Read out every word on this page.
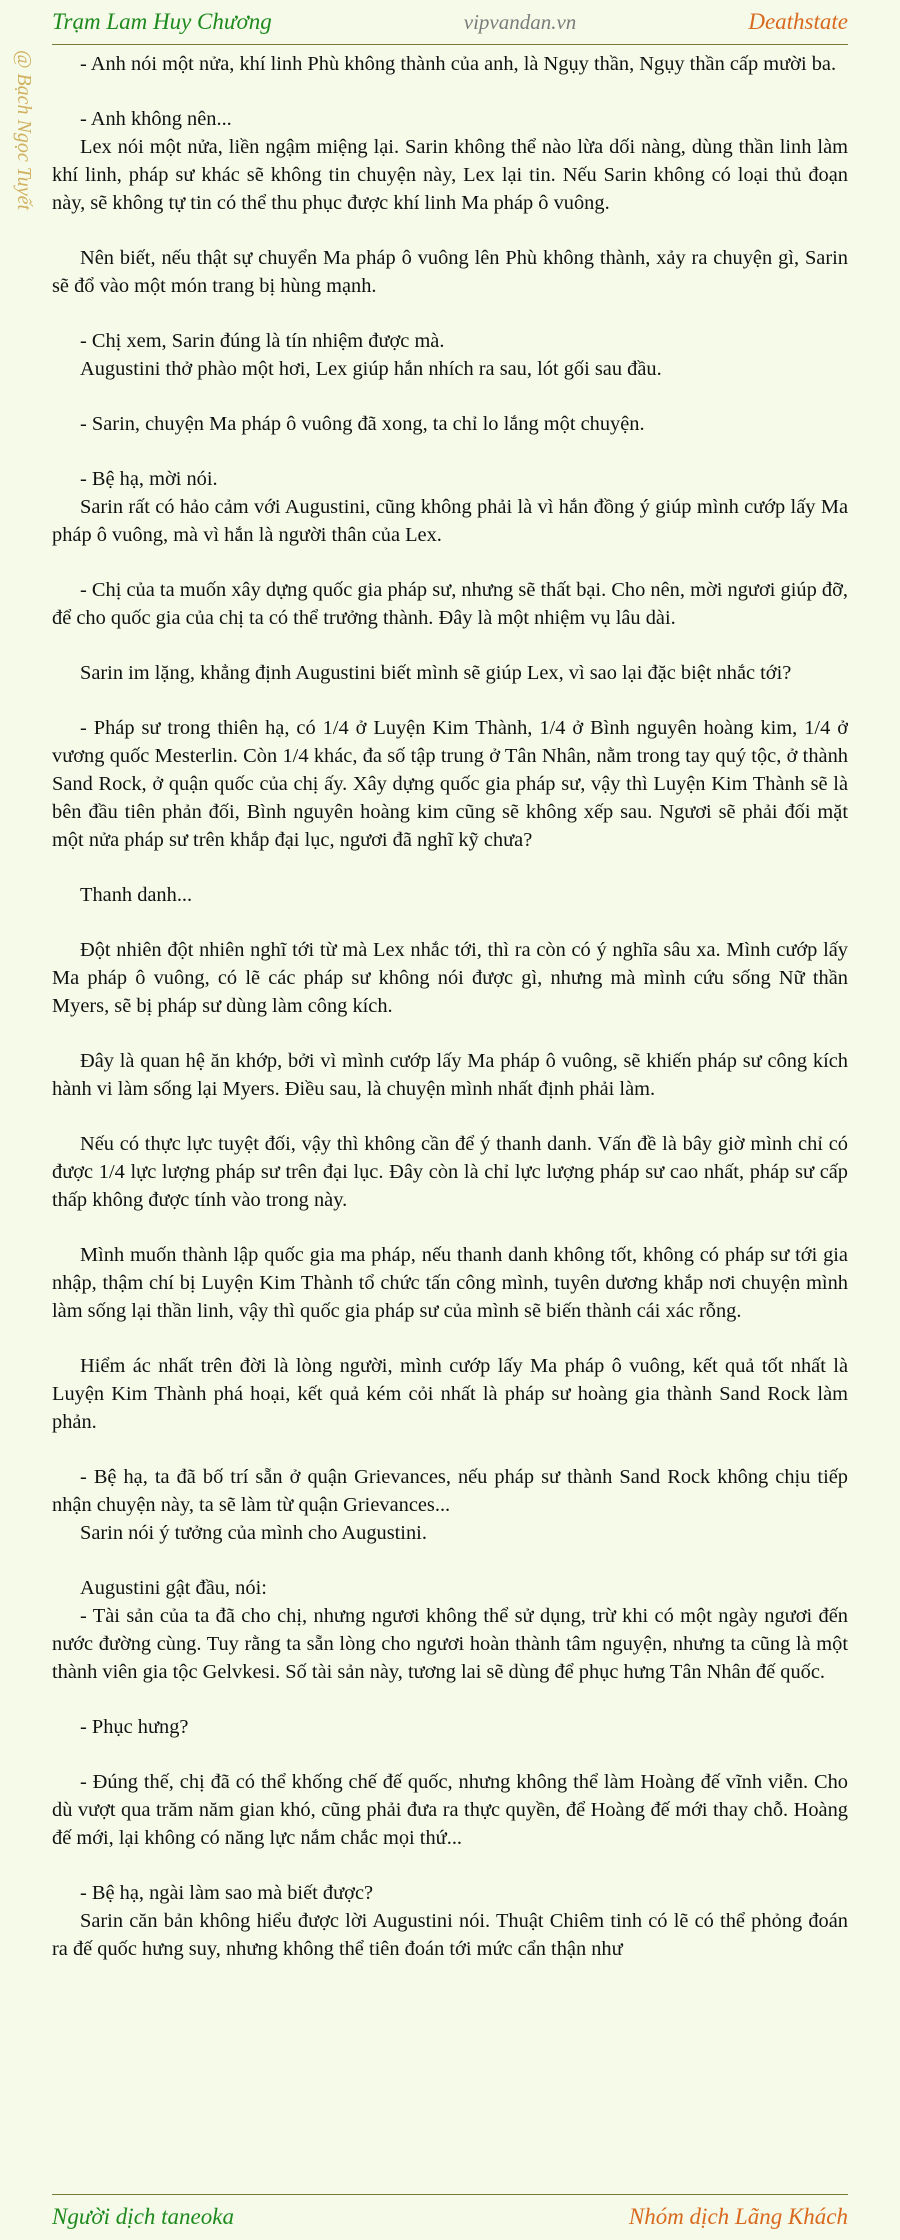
Trạm Lam Huy Chương	vipvandan.vn	Deathstate
@ Bạch Ngọc Tuyết	- Anh nói một nửa, khí linh Phù không thành của anh, là Ngụy thần, Ngụy thần cấp mười ba.

- Anh không nên...

Lex nói một nửa, liền ngậm miệng lại. Sarin không thể nào lừa dối nàng, dùng thần linh làm khí linh, pháp sư khác sẽ không tin chuyện này, Lex lại tin. Nếu Sarin không có loại thủ đoạn này, sẽ không tự tin có thể thu phục được khí linh Ma pháp ô vuông.

Nên biết, nếu thật sự chuyển Ma pháp ô vuông lên Phù không thành, xảy ra chuyện gì, Sarin sẽ đổ vào một món trang bị hùng mạnh.

- Chị xem, Sarin đúng là tín nhiệm được mà.

Augustini thở phào một hơi, Lex giúp hắn nhích ra sau, lót gối sau đầu.

- Sarin, chuyện Ma pháp ô vuông đã xong, ta chỉ lo lắng một chuyện.

- Bệ hạ, mời nói.

Sarin rất có hảo cảm với Augustini, cũng không phải là vì hắn đồng ý giúp mình cướp lấy Ma pháp ô vuông, mà vì hắn là người thân của Lex.

- Chị của ta muốn xây dựng quốc gia pháp sư, nhưng sẽ thất bại. Cho nên, mời ngươi giúp đỡ, để cho quốc gia của chị ta có thể trưởng thành. Đây là một nhiệm vụ lâu dài.

Sarin im lặng, khẳng định Augustini biết mình sẽ giúp Lex, vì sao lại đặc biệt nhắc tới?

- Pháp sư trong thiên hạ, có 1/4 ở Luyện Kim Thành, 1/4 ở Bình nguyên hoàng kim, 1/4 ở vương quốc Mesterlin. Còn 1/4 khác, đa số tập trung ở Tân Nhân, nằm trong tay quý tộc, ở thành Sand Rock, ở quận quốc của chị ấy. Xây dựng quốc gia pháp sư, vậy thì Luyện Kim Thành sẽ là bên đầu tiên phản đối, Bình nguyên hoàng kim cũng sẽ không xếp sau. Ngươi sẽ phải đối mặt một nửa pháp sư trên khắp đại lục, ngươi đã nghĩ kỹ chưa?

Thanh danh...

Đột nhiên đột nhiên nghĩ tới từ mà Lex nhắc tới, thì ra còn có ý nghĩa sâu xa. Mình cướp lấy Ma pháp ô vuông, có lẽ các pháp sư không nói được gì, nhưng mà mình cứu sống Nữ thần Myers, sẽ bị pháp sư dùng làm công kích.

Đây là quan hệ ăn khớp, bởi vì mình cướp lấy Ma pháp ô vuông, sẽ khiến pháp sư công kích hành vi làm sống lại Myers. Điều sau, là chuyện mình nhất định phải làm.

Nếu có thực lực tuyệt đối, vậy thì không cần để ý thanh danh. Vấn đề là bây giờ mình chỉ có được 1/4 lực lượng pháp sư trên đại lục. Đây còn là chỉ lực lượng pháp sư cao nhất, pháp sư cấp thấp không được tính vào trong này.

Mình muốn thành lập quốc gia ma pháp, nếu thanh danh không tốt, không có pháp sư tới gia nhập, thậm chí bị Luyện Kim Thành tổ chức tấn công mình, tuyên dương khắp nơi chuyện mình làm sống lại thần linh, vậy thì quốc gia pháp sư của mình sẽ biến thành cái xác rỗng.

Hiểm ác nhất trên đời là lòng người, mình cướp lấy Ma pháp ô vuông, kết quả tốt nhất là Luyện Kim Thành phá hoại, kết quả kém cỏi nhất là pháp sư hoàng gia thành Sand Rock làm phản.

- Bệ hạ, ta đã bố trí sẵn ở quận Grievances, nếu pháp sư thành Sand Rock không chịu tiếp nhận chuyện này, ta sẽ làm từ quận Grievances...

Sarin nói ý tưởng của mình cho Augustini.

Augustini gật đầu, nói:

- Tài sản của ta đã cho chị, nhưng ngươi không thể sử dụng, trừ khi có một ngày ngươi đến nước đường cùng. Tuy rằng ta sẵn lòng cho ngươi hoàn thành tâm nguyện, nhưng ta cũng là một thành viên gia tộc Gelvkesi. Số tài sản này, tương lai sẽ dùng để phục hưng Tân Nhân đế quốc.

- Phục hưng?

- Đúng thế, chị đã có thể khống chế đế quốc, nhưng không thể làm Hoàng đế vĩnh viễn. Cho dù vượt qua trăm năm gian khó, cũng phải đưa ra thực quyền, để Hoàng đế mới thay chỗ. Hoàng đế mới, lại không có năng lực nắm chắc mọi thứ...

- Bệ hạ, ngài làm sao mà biết được?

Sarin căn bản không hiểu được lời Augustini nói. Thuật Chiêm tinh có lẽ có thể phỏng đoán ra đế quốc hưng suy, nhưng không thể tiên đoán tới mức cẩn thận như

Người dịch taneoka	Nhóm dịch Lãng Khách
